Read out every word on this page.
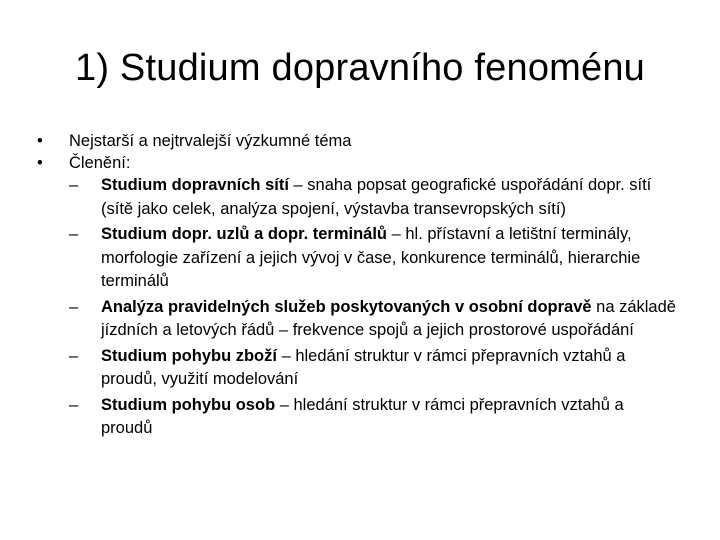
1) Studium dopravního fenoménu
• Nejstarší a nejtrvalejší výzkumné téma
• Členění:
– Studium dopravních sítí – snaha popsat geografické uspořádání dopr. sítí (sítě jako celek, analýza spojení, výstavba transevropských sítí)
– Studium dopr. uzlů a dopr. terminálů – hl. přístavní a letištní terminály, morfologie zařízení a jejich vývoj v čase, konkurence terminálů, hierarchie terminálů
– Analýza pravidelných služeb poskytovaných v osobní dopravě na základě jízdních a letových řádů – frekvence spojů a jejich prostorové uspořádání
– Studium pohybu zboží – hledání struktur v rámci přepravních vztahů a proudů, využití modelování
– Studium pohybu osob – hledání struktur v rámci přepravních vztahů a proudů
